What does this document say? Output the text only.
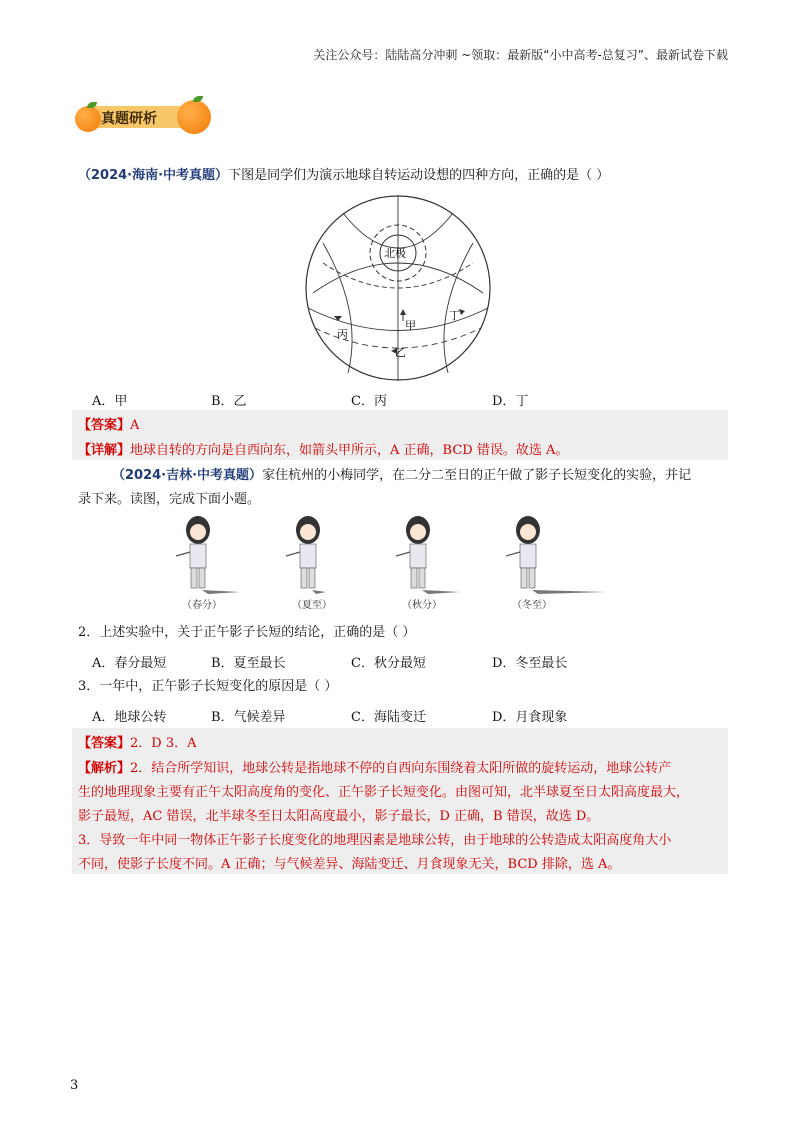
关注公众号：陆陆高分冲刺 ~领取：最新版“小中高考-总复习”、最新试卷下载
真题研析
（2024·海南·中考真题）下图是同学们为演示地球自转运动设想的四种方向，正确的是（ ）
北极
甲
乙
丙
丁
A．甲	B．乙	C．丙	D．丁
【答案】A
【详解】地球自转的方向是自西向东，如箭头甲所示，A 正确，BCD 错误。故选 A。
（2024·吉林·中考真题）家住杭州的小梅同学，在二分二至日的正午做了影子长短变化的实验，并记
录下来。读图，完成下面小题。
（春分）	（夏至）	（秋分）	（冬至）
2．上述实验中，关于正午影子长短的结论，正确的是（ ）
A．春分最短	B．夏至最长	C．秋分最短	D．冬至最长
3．一年中，正午影子长短变化的原因是（ ）
A．地球公转	B．气候差异	C．海陆变迁	D．月食现象
【答案】2．D 3．A
【解析】2．结合所学知识，地球公转是指地球不停的自西向东围绕着太阳所做的旋转运动，地球公转产
生的地理现象主要有正午太阳高度角的变化、正午影子长短变化。由图可知，北半球夏至日太阳高度最大，
影子最短，AC 错误，北半球冬至日太阳高度最小，影子最长，D 正确，B 错误，故选 D。
3．导致一年中同一物体正午影子长度变化的地理因素是地球公转，由于地球的公转造成太阳高度角大小
不同，使影子长度不同。A 正确；与气候差异、海陆变迁、月食现象无关，BCD 排除，选 A。
3
